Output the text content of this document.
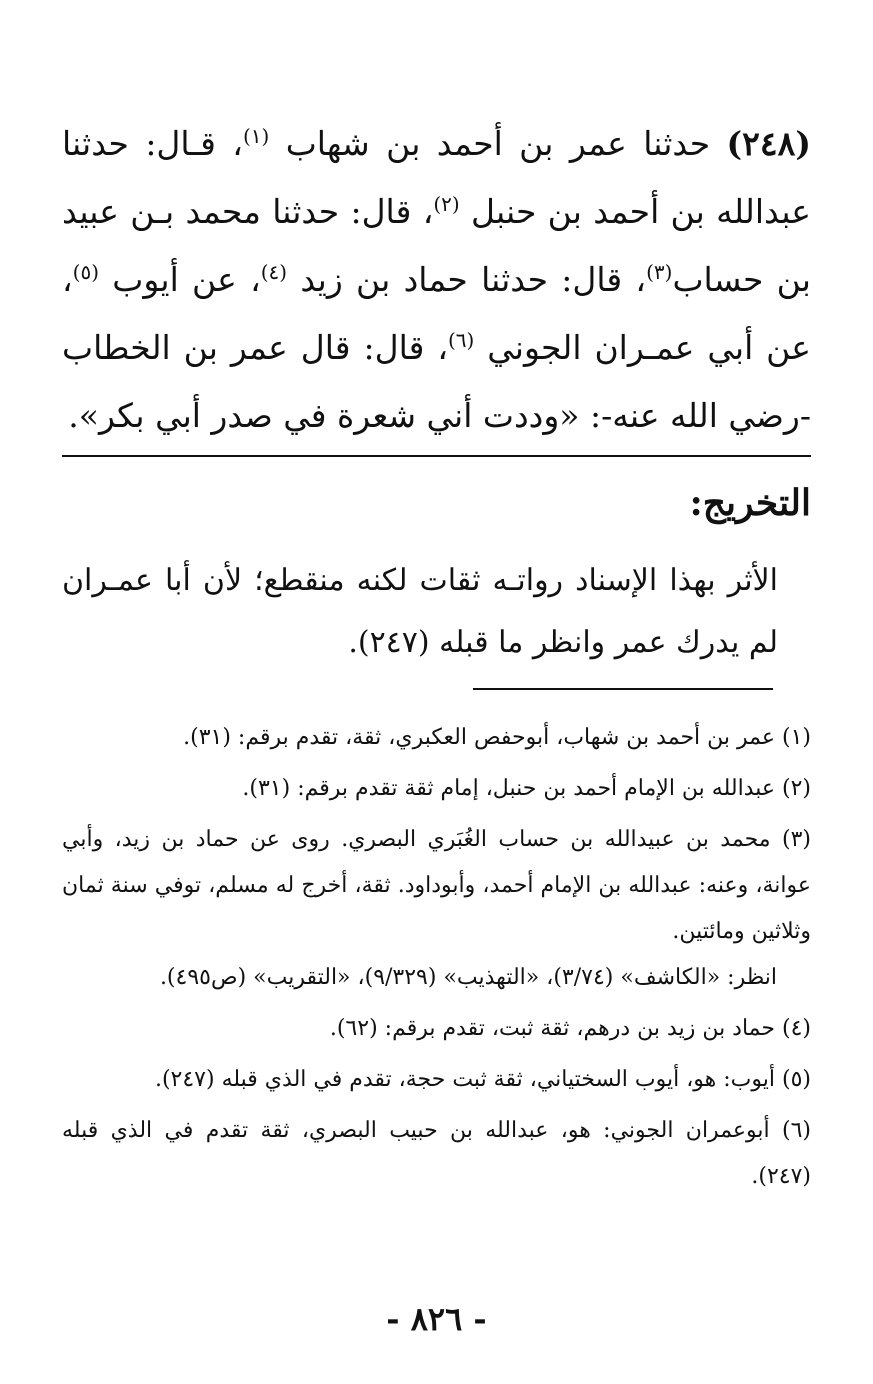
(٢٤٨) حدثنا عمر بن أحمد بن شهاب $^{(١)}$، قـال: حدثنا عبدالله بن أحمد بن حنبل $^{(٢)}$، قال: حدثنا محمد بـن عبيد بن حساب$^{(٣)}$، قال: حدثنا حماد بن زيد $^{(٤)}$، عن أيوب $^{(٥)}$، عن أبي عمـران الجوني $^{(٦)}$، قال: قال عمر بن الخطاب -رضي الله عنه-: «وددت أني شعرة في صدر أبي بكر».
التخريج:
الأثر بهذا الإسناد رواتـه ثقات لكنه منقطع؛ لأن أبا عمـران لم يدرك عمر وانظر ما قبله (٢٤٧).
(١) عمر بن أحمد بن شهاب، أبوحفص العكبري، ثقة، تقدم برقم: (٣١).
(٢) عبدالله بن الإمام أحمد بن حنبل، إمام ثقة تقدم برقم: (٣١).
(٣) محمد بن عبيدالله بن حساب الغُبَري البصري. روى عن حماد بن زيد، وأبي عوانة، وعنه: عبدالله بن الإمام أحمد، وأبوداود. ثقة، أخرج له مسلم، توفي سنة ثمان وثلاثين ومائتين.
انظر: «الكاشف» (٣/٧٤)، «التهذيب» (٩/٣٢٩)، «التقريب» (ص٤٩٥).
(٤) حماد بن زيد بن درهم، ثقة ثبت، تقدم برقم: (٦٢).
(٥) أيوب: هو، أيوب السختياني، ثقة ثبت حجة، تقدم في الذي قبله (٢٤٧).
(٦) أبوعمران الجوني: هو، عبدالله بن حبيب البصري، ثقة تقدم في الذي قبله (٢٤٧).
- ٨٢٦ -
